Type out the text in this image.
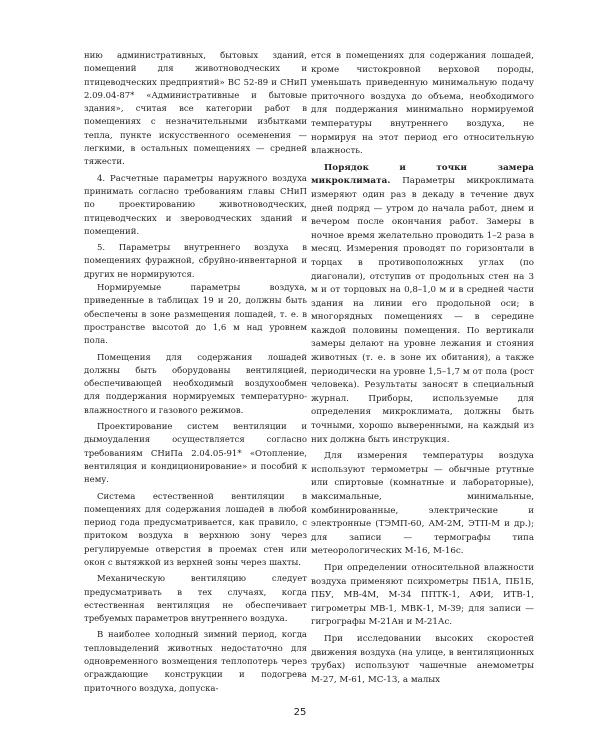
нию административных, бытовых зданий, помещений для животноводческих и птицеводческих предприятий» ВС 52-89 и СНиП 2.09.04-87* «Административные и бытовые здания», считая все категории работ в помещениях с незначительными избытками тепла, пункте искусственного осеменения — легкими, в остальных помещениях — средней тяжести.

4. Расчетные параметры наружного воздуха принимать согласно требованиям главы СНиП по проектированию животноводческих, птицеводческих и звероводческих зданий и помещений.

5. Параметры внутреннего воздуха в помещениях фуражной, сбруйно-инвентарной и других не нормируются.

Нормируемые параметры воздуха, приведенные в таблицах 19 и 20, должны быть обеспечены в зоне размещения лошадей, т. е. в пространстве высотой до 1,6 м над уровнем пола.

Помещения для содержания лошадей должны быть оборудованы вентиляцией, обеспечивающей необходимый воздухообмен для поддержания нормируемых температурно-влажностного и газового режимов.

Проектирование систем вентиляции и дымоудаления осуществляется согласно требованиям СНиПа 2.04.05-91* «Отопление, вентиляция и кондиционирование» и пособий к нему.

Система естественной вентиляции в помещениях для содержания лошадей в любой период года предусматривается, как правило, с притоком воздуха в верхнюю зону через регулируемые отверстия в проемах стен или окон с вытяжкой из верхней зоны через шахты.

Механическую вентиляцию следует предусматривать в тех случаях, когда естественная вентиляция не обеспечивает требуемых параметров внутреннего воздуха.

В наиболее холодный зимний период, когда тепловыделений животных недостаточно для одновременного возмещения теплопотерь через ограждающие конструкции и подогрева приточного воздуха, допуска-

ется в помещениях для содержания лошадей, кроме чистокровной верховой породы, уменьшать приведенную минимальную подачу приточного воздуха до объема, необходимого для поддержания минимально нормируемой температуры внутреннего воздуха, не нормируя на этот период его относительную влажность.

Порядок и точки замера микроклимата. Параметры микроклимата измеряют один раз в декаду в течение двух дней подряд — утром до начала работ, днем и вечером после окончания работ. Замеры в ночное время желательно проводить 1–2 раза в месяц. Измерения проводят по горизонтали в торцах в противоположных углах (по диагонали), отступив от продольных стен на 3 м и от торцовых на 0,8–1,0 м и в средней части здания на линии его продольной оси; в многорядных помещениях — в середине каждой половины помещения. По вертикали замеры делают на уровне лежания и стояния животных (т. е. в зоне их обитания), а также периодически на уровне 1,5–1,7 м от пола (рост человека). Результаты заносят в специальный журнал. Приборы, используемые для определения микроклимата, должны быть точными, хорошо выверенными, на каждый из них должна быть инструкция.

Для измерения температуры воздуха используют термометры — обычные ртутные или спиртовые (комнатные и лабораторные), максимальные, минимальные, комбинированные, электрические и электронные (ТЭМП-60, АМ-2М, ЭТП-М и др.); для записи — термографы типа метеорологических М-16, М-16с.

При определении относительной влажности воздуха применяют психрометры ПБ1А, ПБ1Б, ПБУ, МВ-4М, М-34 ППТК-1, АФИ, ИТВ-1, гигрометры МВ-1, МВК-1, М-39; для записи — гигрографы М-21Ан и М-21Ас.

При исследовании высоких скоростей движения воздуха (на улице, в вентиляционных трубах) используют чашечные анемометры М-27, М-61, МС-13, а малых

25
